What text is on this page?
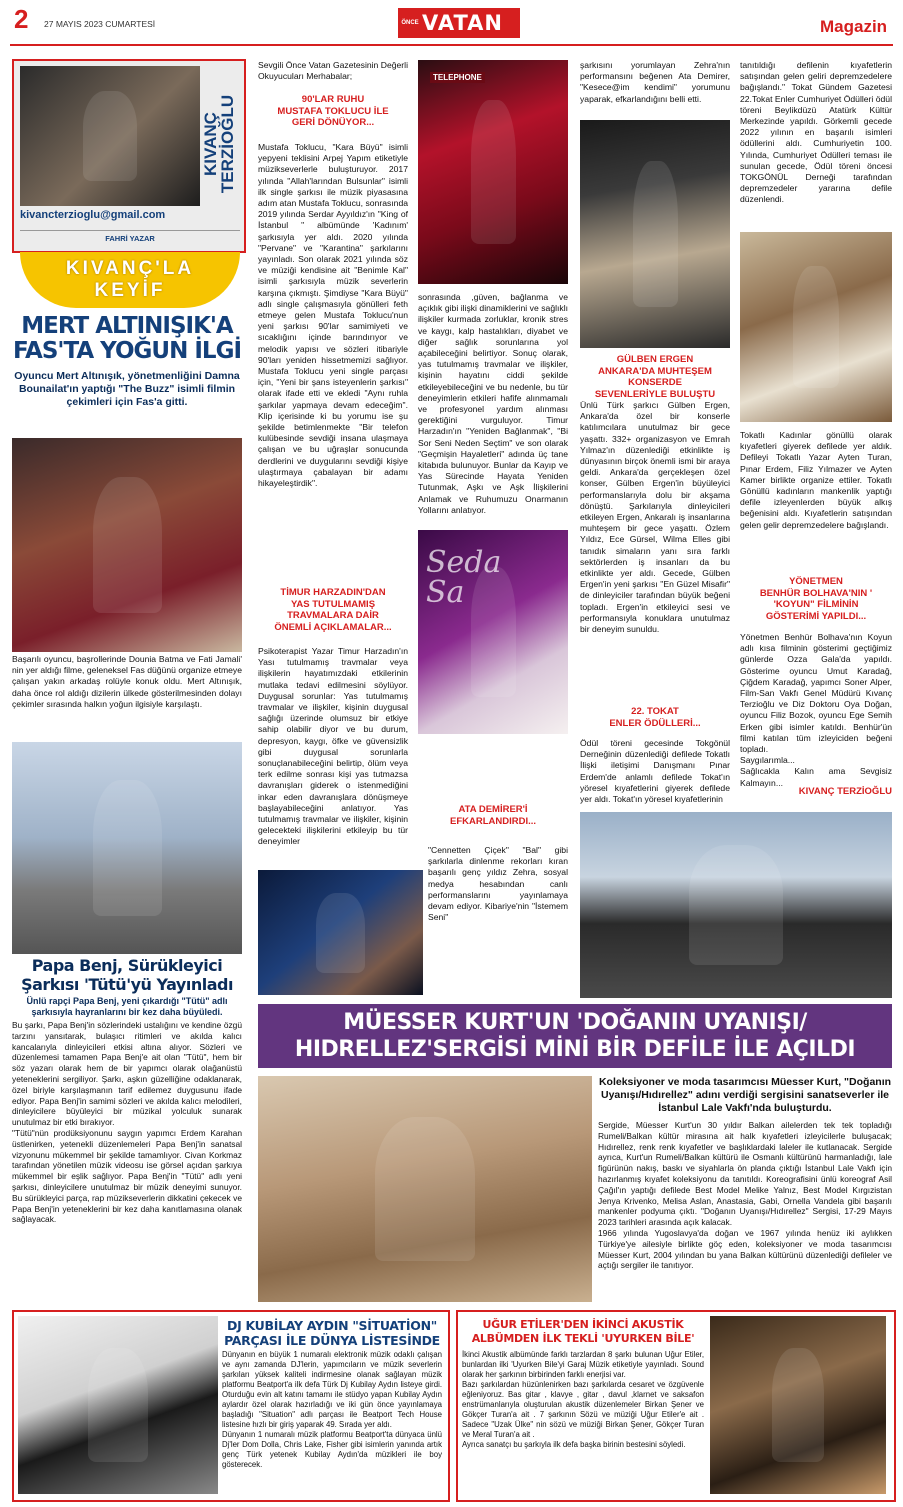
2 27 MAYIS 2023 CUMARTESİ	ÖNCE VATAN	Magazin
KIVANÇ
TERZİOĞLU
kivancterzioglu@gmail.com
FAHRİ YAZAR
KIVANÇ'LA
KEYİF
MERT ALTINIŞIK'A
FAS'TA YOĞUN İLGİ
Oyuncu Mert Altınışık, yönetmenliğini Damna Bounailat'ın yaptığı "The Buzz" isimli filmin çekimleri için Fas'a gitti.
Başarılı oyuncu, başrollerinde Dounia Batma ve Fati Jamali' nin yer aldığı filme, geleneksel Fas düğünü organize etmeye çalışan yakın arkadaş rolüyle konuk oldu. Mert Altınışık, daha önce rol aldığı dizilerin ülkede gösterilmesinden dolayı çekimler sırasında halkın yoğun ilgisiyle karşılaştı.
Papa Benj, Sürükleyici
Şarkısı 'Tütü'yü Yayınladı
Ünlü rapçi Papa Benj, yeni çıkardığı "Tütü" adlı şarkısıyla hayranlarını bir kez daha büyüledi.
Bu şarkı, Papa Benj'in sözlerindeki ustalığını ve kendine özgü tarzını yansıtarak, bulaşıcı ritimleri ve akılda kalıcı kancalarıyla dinleyicileri etkisi altına alıyor. Sözleri ve düzenlemesi tamamen Papa Benj'e ait olan "Tütü", hem bir söz yazarı olarak hem de bir yapımcı olarak olağanüstü yeteneklerini sergiliyor. Şarkı, aşkın güzelliğine odaklanarak, özel biriyle karşılaşmanın tarif edilemez duygusunu ifade ediyor. Papa Benj'in samimi sözleri ve akılda kalıcı melodileri, dinleyicilere büyüleyici bir müzikal yolculuk sunarak unutulmaz bir etki bırakıyor.
"Tütü"nün prodüksiyonunu saygın yapımcı Erdem Karahan üstlenirken, yetenekli düzenlemeleri Papa Benj'in sanatsal vizyonunu mükemmel bir şekilde tamamlıyor. Civan Korkmaz tarafından yönetilen müzik videosu ise görsel açıdan şarkıya mükemmel bir eşlik sağlıyor. Papa Benj'in "Tütü" adlı yeni şarkısı, dinleyicilere unutulmaz bir müzik deneyimi sunuyor. Bu sürükleyici parça, rap müzikseverlerin dikkatini çekecek ve Papa Benj'in yeteneklerini bir kez daha kanıtlamasına olanak sağlayacak.
Sevgili Önce Vatan Gazetesinin Değerli Okuyucuları Merhabalar;
90'LAR RUHU
MUSTAFA TOKLUCU İLE
GERİ DÖNÜYOR...
Mustafa Toklucu, "Kara Büyü" isimli yepyeni teklisini Arpej Yapım etiketiyle müzikseverlerle buluşturuyor. 2017 yılında "Allah'larından Bulsunlar" isimli ilk single şarkısı ile müzik piyasasına adım atan Mustafa Toklucu, sonrasında 2019 yılında Serdar Ayyıldız'ın "King of İstanbul " albümünde 'Kadınım' şarkısıyla yer aldı. 2020 yılında "Pervane" ve "Karantina" şarkılarını yayınladı. Son olarak 2021 yılında söz ve müziği kendisine ait "Benimle Kal" isimli şarkısıyla müzik severlerin karşına çıkmıştı. Şimdiyse "Kara Büyü" adlı single çalışmasıyla gönülleri feth etmeye gelen Mustafa Toklucu'nun yeni şarkısı 90'lar samimiyeti ve sıcaklığını içinde barındırıyor ve melodik yapısı ve sözleri itibariyle 90'ları yeniden hissetmemizi sağlıyor. Mustafa Toklucu yeni single parçası için, "Yeni bir şans isteyenlerin şarkısı" olarak ifade etti ve ekledi "Aynı ruhla şarkılar yapmaya devam edeceğim". Klip içerisinde ki bu yorumu ise şu şekilde betimlenmekte "Bir telefon kulübesinde sevdiği insana ulaşmaya çalışan ve bu uğraşlar sonucunda derdlerini ve duygularını sevdiği kişiye ulaştırmaya çabalayan bir adamı hikayeleştirdik".
TİMUR HARZADIN'DAN
YAS TUTULMAMIŞ
TRAVMALARA DAİR
ÖNEMLİ AÇIKLAMALAR...
Psikoterapist Yazar Timur Harzadın'ın Yası tutulmamış travmalar veya ilişkilerin hayatımızdaki etkilerinin mutlaka tedavi edilmesini söylüyor. Duygusal sorunlar: Yas tutulmamış travmalar ve ilişkiler, kişinin duygusal sağlığı üzerinde olumsuz bir etkiye sahip olabilir diyor ve bu durum, depresyon, kaygı, öfke ve güvensizlik gibi duygusal sorunlarla sonuçlanabileceğini belirtip, ölüm veya terk edilme sonrası kişi yas tutmazsa davranışları giderek o istenmediğini inkar eden davranışlara dönüşmeye başlayabileceğini anlatıyor. Yas tutulmamış travmalar ve ilişkiler, kişinin gelecekteki ilişkilerini etkileyip bu tür deneyimler
TELEPHONE
sonrasında ,güven, bağlanma ve açıklık gibi ilişki dinamiklerini ve sağlıklı ilişkiler kurmada zorluklar, kronik stres ve kaygı, kalp hastalıkları, diyabet ve diğer sağlık sorunlarına yol açabileceğini belirtiyor. Sonuç olarak, yas tutulmamış travmalar ve ilişkiler, kişinin hayatını ciddi şekilde etkileyebileceğini ve bu nedenle, bu tür deneyimlerin etkileri hafife alınmamalı ve profesyonel yardım alınması gerektiğini vurguluyor. Timur Harzadın'ın "Yeniden Bağlanmak", "Bi Sor Seni Neden Seçtim" ve son olarak "Geçmişin Hayaletleri" adında üç tane kitabıda bulunuyor. Bunlar da Kayıp ve Yas Sürecinde Hayata Yeniden Tutunmak, Aşkı ve Aşk İlişkilerini Anlamak ve Ruhumuzu Onarmanın Yollarını anlatıyor.
Seda
Sa
ATA DEMİRER'İ
EFKARLANDIRDI...
"Cennetten Çiçek" "Bal" gibi şarkılarla dinlenme rekorları kıran başarılı genç yıldız Zehra, sosyal medya hesabından canlı performanslarını yayınlamaya devam ediyor. Kibariye'nin "İstemem Seni"
şarkısını yorumlayan Zehra'nın performansını beğenen Ata Demirer, "Kesece@im kendimi" yorumunu yaparak, efkarlandığını belli etti.
GÜLBEN ERGEN
ANKARA'DA MUHTEŞEM
KONSERDE
SEVENLERİYLE BULUŞTU
Ünlü Türk şarkıcı Gülben Ergen, Ankara'da özel bir konserle katılımcılara unutulmaz bir gece yaşattı. 332+ organizasyon ve Emrah Yılmaz'ın düzenlediği etkinlikte iş dünyasının birçok önemli ismi bir araya geldi. Ankara'da gerçekleşen özel konser, Gülben Ergen'in büyüleyici performanslarıyla dolu bir akşama dönüştü. Şarkılarıyla dinleyicileri etkileyen Ergen, Ankaralı iş insanlarına muhteşem bir gece yaşattı. Özlem Yıldız, Ece Gürsel, Wilma Elles gibi tanıdık simaların yanı sıra farklı sektörlerden iş insanları da bu etkinlikte yer aldı. Gecede, Gülben Ergen'in yeni şarkısı "En Güzel Misafir" de dinleyiciler tarafından büyük beğeni topladı. Ergen'in etkileyici sesi ve performansıyla konuklara unutulmaz bir deneyim sunuldu.
22. TOKAT
ENLER ÖDÜLLERİ...
Ödül töreni gecesinde Tokgönül Derneğinin düzenlediği defilede Tokatlı İlişki iletişimi Danışmanı Pınar Erdem'de anlamlı defilede Tokat'ın yöresel kıyafetlerini giyerek defilede yer aldı. Tokat'ın yöresel kıyafetlerinin
tanıtıldığı defilenin kıyafetlerin satışından gelen geliri depremzedelere bağışlandı." Tokat Gündem Gazetesi 22.Tokat Enler Cumhuriyet Ödülleri ödül töreni Beylikdüzü Atatürk Kültür Merkezinde yapıldı. Görkemli gecede 2022 yılının en başarılı isimleri ödüllerini aldı. Cumhuriyetin 100. Yılında, Cumhuriyet Ödülleri teması ile sunulan gecede, Ödül töreni öncesi TOKGÖNÜL Derneği tarafından depremzedeler yararına defile düzenlendi.
Tokatlı Kadınlar gönüllü olarak kıyafetleri giyerek defilede yer aldık. Defileyi Tokatlı Yazar Ayten Turan, Pınar Erdem, Filiz Yılmazer ve Ayten Kamer birlikte organize ettiler. Tokatlı Gönüllü kadınların mankenlik yaptığı defile izleyenlerden büyük alkış beğenisini aldı. Kıyafetlerin satışından gelen gelir depremzedelere bağışlandı.
YÖNETMEN
BENHÜR BOLHAVA'NIN '
'KOYUN" FİLMİNİN
GÖSTERİMİ YAPILDI...
Yönetmen Benhür Bolhava'nın Koyun adlı kısa filminin gösterimi geçtiğimiz günlerde Ozza Gala'da yapıldı. Gösterime oyuncu Umut Karadağ, Çiğdem Karadağ, yapımcı Soner Alper, Film-San Vakfı Genel Müdürü Kıvanç Terzioğlu ve Diz Doktoru Oya Doğan, oyuncu Filiz Bozok, oyuncu Ege Semih Erken gibi isimler katıldı. Benhür'ün filmi katılan tüm izleyiciden beğeni topladı.
Saygılarımla...
Sağlıcakla Kalın ama Sevgisiz Kalmayın...
KIVANÇ TERZİOĞLU
MÜESSER KURT'UN 'DOĞANIN UYANIŞI/
HIDRELLEZ'SERGİSİ MİNİ BİR DEFİLE İLE AÇILDI
Koleksiyoner ve moda tasarımcısı Müesser Kurt, "Doğanın Uyanışı/Hıdırellez" adını verdiği sergisini sanatseverler ile İstanbul Lale Vakfı'nda buluşturdu.
Sergide, Müesser Kurt'un 30 yıldır Balkan ailelerden tek tek topladığı Rumeli/Balkan kültür mirasına ait halk kıyafetleri izleyicilerle buluşacak; Hıdırellez, renk renk kıyafetler ve başlıklardaki laleler ile kutlanacak. Sergide ayrıca, Kurt'un Rumeli/Balkan kültürü ile Osmanlı kültürünü harmanladığı, lale figürünün nakış, baskı ve siyahlarla ön planda çıktığı İstanbul Lale Vakfı için hazırlanmış kıyafet koleksiyonu da tanıtıldı. Koreografisini ünlü koreograf Asil Çağıl'ın yaptığı defilede Best Model Melike Yalnız, Best Model Kırgızistan Jenya Krivenko, Melisa Aslan, Anastasia, Gabi, Ornella Vandela gibi başarılı mankenler podyuma çıktı. "Doğanın Uyanışı/Hıdırellez" Sergisi, 17-29 Mayıs 2023 tarihleri arasında açık kalacak.
1966 yılında Yugoslavya'da doğan ve 1967 yılında henüz iki aylıkken Türkiye'ye ailesiyle birlikte göç eden, koleksiyoner ve moda tasarımcısı Müesser Kurt, 2004 yılından bu yana Balkan kültürünü düzenlediği defileler ve açtığı sergiler ile tanıtıyor.
DJ KUBİLAY AYDIN "SİTUATİON"
PARÇASI İLE DÜNYA LİSTESİNDE
Dünyanın en büyük 1 numaralı elektronik müzik odaklı çalışan ve aynı zamanda DJ'lerin, yapımcıların ve müzik severlerin şarkıları yüksek kaliteli indirmesine olanak sağlayan müzik platformu Beatport'a ilk defa Türk Dj Kubilay Aydın listeye girdi. Oturduğu evin alt katını tamamı ile stüdyo yapan Kubilay Aydın aylardır özel olarak hazırladığı ve iki gün önce yayınlamaya başladığı "Situation" adlı parçası ile Beatport Tech House listesine hızlı bir giriş yaparak 49. Sırada yer aldı.
Dünyanın 1 numaralı müzik platformu Beatport'ta dünyaca ünlü Dj'ler Dom Dolla, Chris Lake, Fisher gibi isimlerin yanında artık genç Türk yetenek Kubilay Aydın'da müzikleri ile boy gösterecek.
UĞUR ETİLER'DEN İKİNCİ AKUSTİK
ALBÜMDEN İLK TEKLİ 'UYURKEN BİLE'
İkinci Akustik albümünde farklı tarzlardan 8 şarkı bulunan Uğur Etiler, bunlardan ilki 'Uyurken Bile'yi Garaj Müzik etiketiyle yayınladı. Sound olarak her şarkının birbirinden farklı enerjisi var.
Bazı şarkılardan hüzünlenirken bazı şarkılarda cesaret ve özgüvenle eğleniyoruz. Bas gitar , klavye , gitar , davul ,klarnet ve saksafon enstrümanlarıyla oluşturulan akustik düzenlemeler Birkan Şener ve Gökçer Turan'a ait . 7 şarkının Sözü ve müziği Uğur Etiler'e ait . Sadece "Uzak Ülke" nin sözü ve müziği Birkan Şener, Gökçer Turan ve Meral Turan'a ait .
Ayrıca sanatçı bu şarkıyla ilk defa başka birinin bestesini söyledi.
